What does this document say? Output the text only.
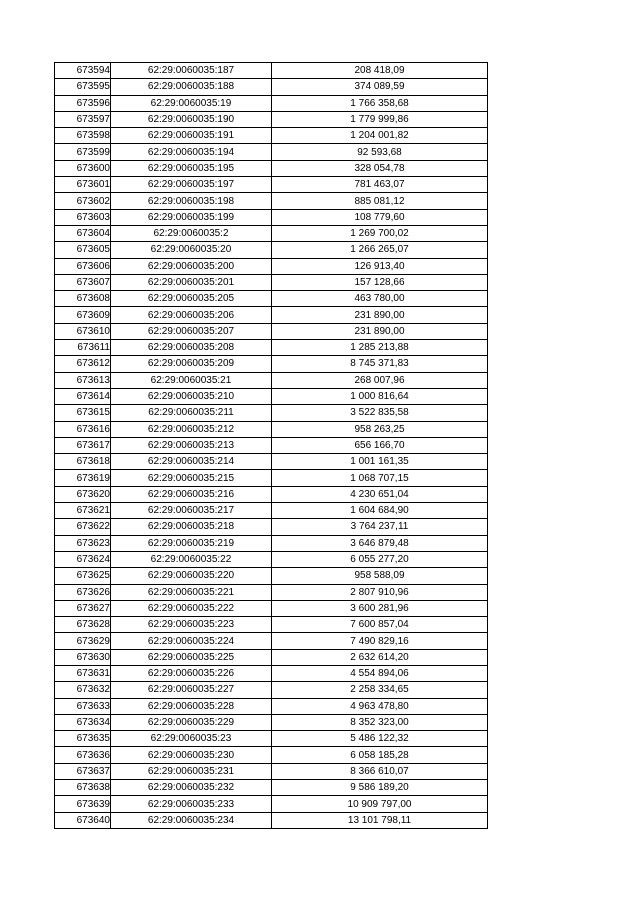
673594	62:29:0060035:187	208 418,09
673595	62:29:0060035:188	374 089,59
673596	62:29:0060035:19	1 766 358,68
673597	62:29:0060035:190	1 779 999,86
673598	62:29:0060035:191	1 204 001,82
673599	62:29:0060035:194	92 593,68
673600	62:29:0060035:195	328 054,78
673601	62:29:0060035:197	781 463,07
673602	62:29:0060035:198	885 081,12
673603	62:29:0060035:199	108 779,60
673604	62:29:0060035:2	1 269 700,02
673605	62:29:0060035:20	1 266 265,07
673606	62:29:0060035:200	126 913,40
673607	62:29:0060035:201	157 128,66
673608	62:29:0060035:205	463 780,00
673609	62:29:0060035:206	231 890,00
673610	62:29:0060035:207	231 890,00
673611	62:29:0060035:208	1 285 213,88
673612	62:29:0060035:209	8 745 371,83
673613	62:29:0060035:21	268 007,96
673614	62:29:0060035:210	1 000 816,64
673615	62:29:0060035:211	3 522 835,58
673616	62:29:0060035:212	958 263,25
673617	62:29:0060035:213	656 166,70
673618	62:29:0060035:214	1 001 161,35
673619	62:29:0060035:215	1 068 707,15
673620	62:29:0060035:216	4 230 651,04
673621	62:29:0060035:217	1 604 684,90
673622	62:29:0060035:218	3 764 237,11
673623	62:29:0060035:219	3 646 879,48
673624	62:29:0060035:22	6 055 277,20
673625	62:29:0060035:220	958 588,09
673626	62:29:0060035:221	2 807 910,96
673627	62:29:0060035:222	3 600 281,96
673628	62:29:0060035:223	7 600 857,04
673629	62:29:0060035:224	7 490 829,16
673630	62:29:0060035:225	2 632 614,20
673631	62:29:0060035:226	4 554 894,06
673632	62:29:0060035:227	2 258 334,65
673633	62:29:0060035:228	4 963 478,80
673634	62:29:0060035:229	8 352 323,00
673635	62:29:0060035:23	5 486 122,32
673636	62:29:0060035:230	6 058 185,28
673637	62:29:0060035:231	8 366 610,07
673638	62:29:0060035:232	9 586 189,20
673639	62:29:0060035:233	10 909 797,00
673640	62:29:0060035:234	13 101 798,11
